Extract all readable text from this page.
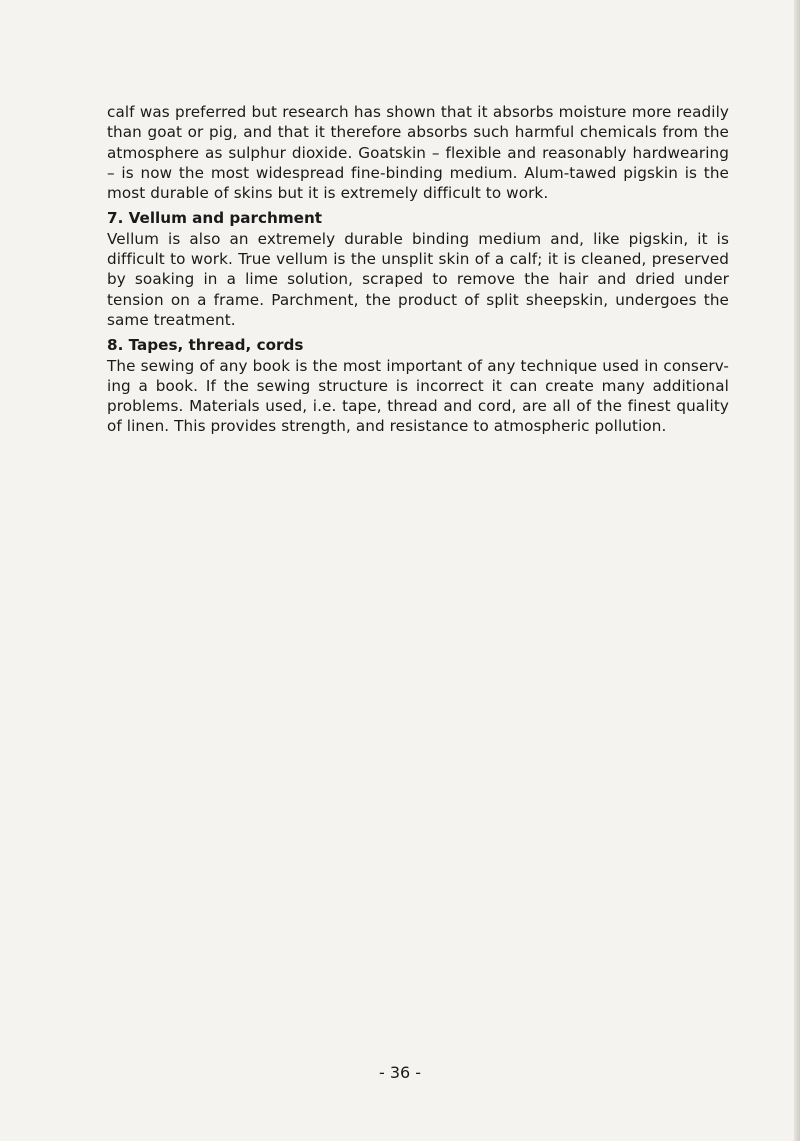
calf was preferred but research has shown that it absorbs moisture more readily than goat or pig, and that it therefore absorbs such harmful chemicals from the atmosphere as sulphur dioxide. Goatskin – flexible and reasonably hardwearing – is now the most widespread fine-binding medium. Alum-tawed pigskin is the most durable of skins but it is extremely difficult to work.

7. Vellum and parchment

Vellum is also an extremely durable binding medium and, like pigskin, it is difficult to work. True vellum is the unsplit skin of a calf; it is cleaned, preserved by soaking in a lime solution, scraped to remove the hair and dried under tension on a frame. Parchment, the product of split sheepskin, undergoes the same treatment.

8. Tapes, thread, cords

The sewing of any book is the most important of any technique used in conserv-ing a book. If the sewing structure is incorrect it can create many additional problems. Materials used, i.e. tape, thread and cord, are all of the finest quality of linen. This provides strength, and resistance to atmospheric pollution.

- 36 -
